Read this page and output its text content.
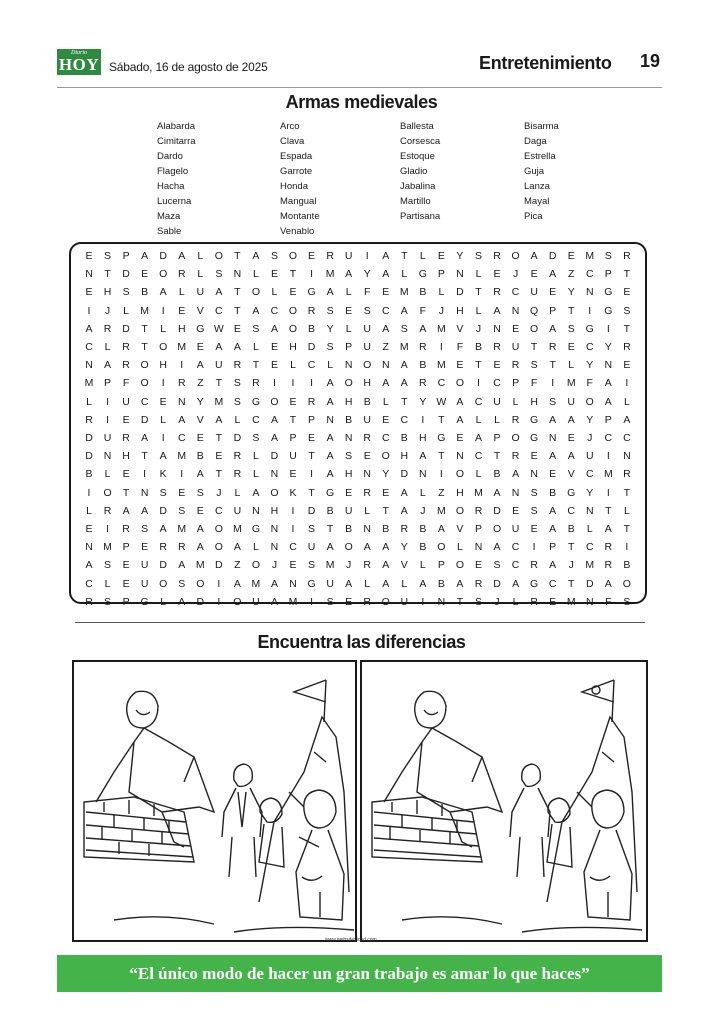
Diario
HOY Sábado, 16 de agosto de 2025	Entretenimiento 19
Armas medievales
Alabarda
Cimitarra
Dardo
Flagelo
Hacha
Lucerna
Maza
Sable
Arco
Clava
Espada
Garrote
Honda
Mangual
Montante
Venablo
Ballesta
Corsesca
Estoque
Gladio
Jabalina
Martillo
Partisana
Bisarma
Daga
Estrella
Guja
Lanza
Mayal
Pica
E	S	P	A	D	A	L	O	T	A	S	O	E	R	U	I	A	T	L	E	Y	S	R	O	A	D	E	M	S	R
N	T	D	E	O	R	L	S	N	L	E	T	I	M	A	Y	A	L	G	P	N	L	E	J	E	A	Z	C	P	T
E	H	S	B	A	L	U	A	T	O	L	E	G	A	L	F	E	M	B	L	D	T	R	C	U	E	Y	N	G	E
I	J	L	M	I	E	V	C	T	A	C	O	R	S	E	S	C	A	F	J	H	L	A	N	Q	P	T	I	G	S
A	R	D	T	L	H	G W E	S	A	O	B	Y	L	U	A	S	A	M	V	J	N	E	O	A	S	G	I	T
C	L	R	T	O M	E	A	A	L	E	H	D	S	P	U	Z	M R	I	F	B	R	U	T	R	E	C	Y	R
N	A	R	O	H	I	A	U	R	T	E	L	C	L	N	O	N	A	B	M	E	T	E	R	S	T	L	Y	N	E
M	P	F	O	I	R	Z	T	S	R	I	I	I	A	O	H	A	A	R	C	O	I	C	P	F	I	M	F	A	I
L	I	U	C	E	N	Y	M	S	G O	E	R	A	H	B	L	T	Y W A	C	U	L	H	S	U	O	A	L
R	I	E	D	L	A	V	A	L	C	A	T	P	N	B	U	E	C	I	T	A	L	L	R	G	A	A	Y	P	A
D	U	R	A	I	C	E	T	D	S	A	P	E	A	N	R	C	B	H	G	E	A	P	O G	N	E	J	C	C
D	N	H	T	A	M	B	E	R	L	D	U	T	A	S	E	O	H	A	T	N	C	T	R	E	A	A	U	I	N
B	L	E	I	K	I	A	T	R	L	N	E	I	A	H	N	Y	D	N	I	O	L	B	A	N	E	V	C M R
I	O	T	N	S	E	S	J	L	A	O	K	T	G	E	R	E	A	L	Z	H M	A	N	S	B	G	Y	I	T
L	R	A	A	D	S	E	C	U	N	H	I	D	B	U	L	T	A	J	M O	R	D	E	S	A	C	N	T	L
E	I	R	S	A	M	A	O M G	N	I	S	T	B	N	B	R	B	A	V	P	O	U	E	A	B	L	A	T
N M	P	E	R	R	A	O	A	L	N	C	U	A	O	A	A	Y	B	O	L	N	A	C	I	P	T	C	R	I
A	S	E	U	D	A	M D	Z	O	J	E	S	M	J	R	A	V	L	P	O	E	S	C	R	A	J	M R	B
C	L	E	U	O	S	O	I	A	M	A	N	G	U	A	L	A	L	A	B	A	R	D	A	G	C	T	D	A	O
R	S	P	G	L	A	D	I	O	U	A	M	I	S	E	R	O	U	I	N	T	S	J	L	R	E	M N	F	S
Encuentra las diferencias
www.websdesiced.com
“El único modo de hacer un gran trabajo es amar lo que haces”
